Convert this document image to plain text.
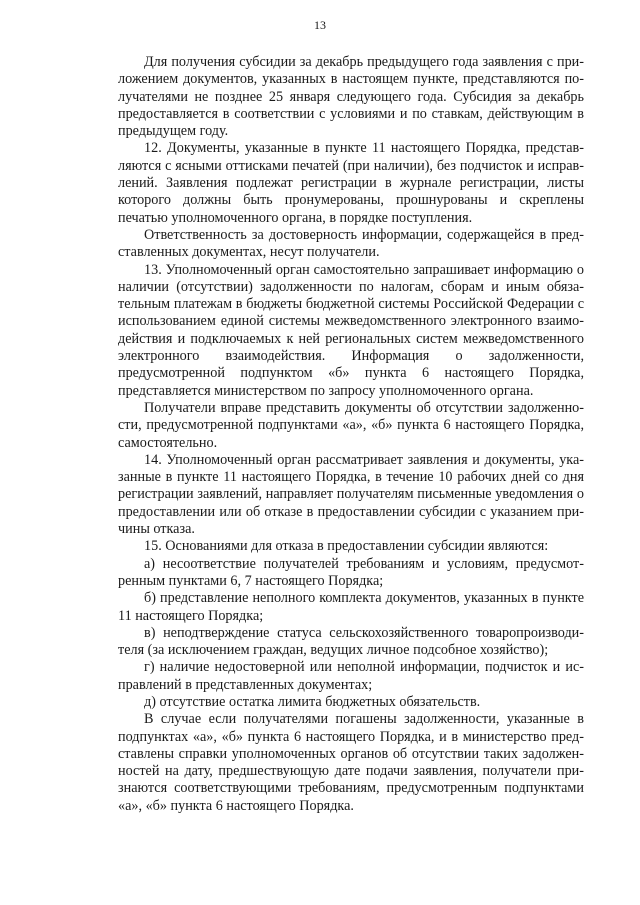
13

Для получения субсидии за декабрь предыдущего года заявления с приложением документов, указанных в настоящем пункте, представляются получателями не позднее 25 января следующего года. Субсидия за декабрь предоставляется в соответствии с условиями и по ставкам, действующим в предыдущем году.

12. Документы, указанные в пункте 11 настоящего Порядка, представляются с ясными оттисками печатей (при наличии), без подчисток и исправлений. Заявления подлежат регистрации в журнале регистрации, листы которого должны быть пронумерованы, прошнурованы и скреплены печатью уполномоченного органа, в порядке поступления.

Ответственность за достоверность информации, содержащейся в представленных документах, несут получатели.

13. Уполномоченный орган самостоятельно запрашивает информацию о наличии (отсутствии) задолженности по налогам, сборам и иным обязательным платежам в бюджеты бюджетной системы Российской Федерации с использованием единой системы межведомственного электронного взаимодействия и подключаемых к ней региональных систем межведомственного электронного взаимодействия. Информация о задолженности, предусмотренной подпунктом «б» пункта 6 настоящего Порядка, представляется министерством по запросу уполномоченного органа.

Получатели вправе представить документы об отсутствии задолженности, предусмотренной подпунктами «а», «б» пункта 6 настоящего Порядка, самостоятельно.

14. Уполномоченный орган рассматривает заявления и документы, указанные в пункте 11 настоящего Порядка, в течение 10 рабочих дней со дня регистрации заявлений, направляет получателям письменные уведомления о предоставлении или об отказе в предоставлении субсидии с указанием причины отказа.

15. Основаниями для отказа в предоставлении субсидии являются:

а) несоответствие получателей требованиям и условиям, предусмотренным пунктами 6, 7 настоящего Порядка;

б) представление неполного комплекта документов, указанных в пункте 11 настоящего Порядка;

в) неподтверждение статуса сельскохозяйственного товаропроизводителя (за исключением граждан, ведущих личное подсобное хозяйство);

г) наличие недостоверной или неполной информации, подчисток и исправлений в представленных документах;

д) отсутствие остатка лимита бюджетных обязательств.

В случае если получателями погашены задолженности, указанные в подпунктах «а», «б» пункта 6 настоящего Порядка, и в министерство представлены справки уполномоченных органов об отсутствии таких задолженностей на дату, предшествующую дате подачи заявления, получатели признаются соответствующими требованиям, предусмотренным подпунктами «а», «б» пункта 6 настоящего Порядка.
